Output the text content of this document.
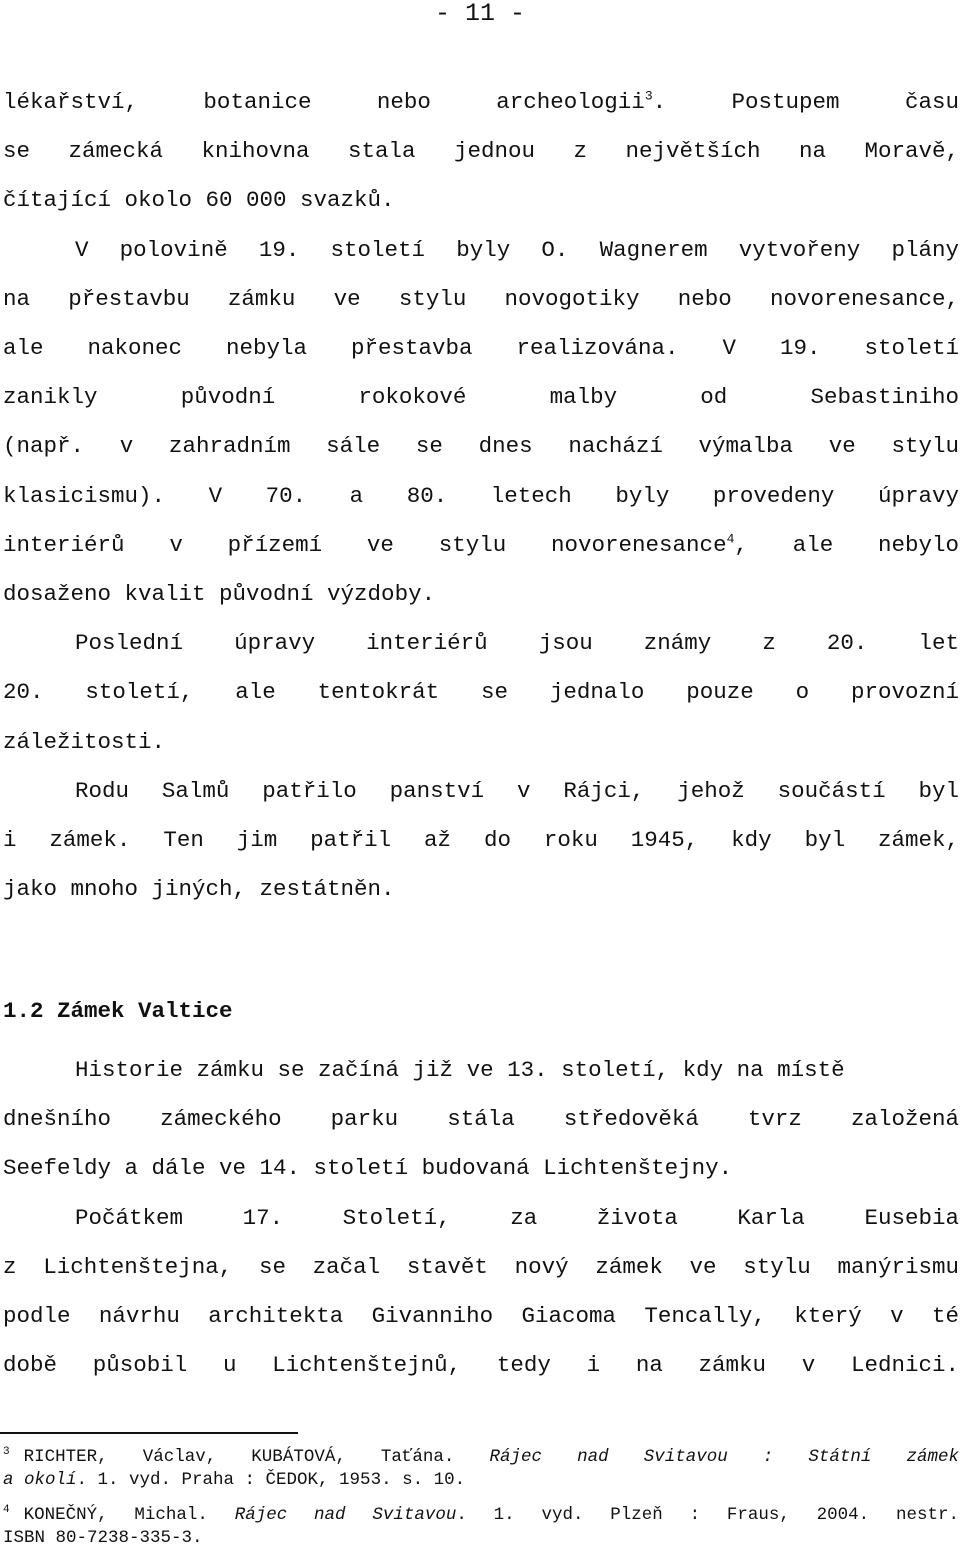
- 11 -
lékařství, botanice nebo archeologii$^3$. Postupem času
se zámecká knihovna stala jednou z největších na Moravě,
čítající okolo 60 000 svazků.
V polovině 19. století byly O. Wagnerem vytvořeny plány
na přestavbu zámku ve stylu novogotiky nebo novorenesance,
ale nakonec nebyla přestavba realizována. V 19. století
zanikly původní rokokové malby od Sebastiniho
(např. v zahradním sále se dnes nachází výmalba ve stylu
klasicismu). V 70. a 80. letech byly provedeny úpravy
interiérů v přízemí ve stylu novorenesance$^4$, ale nebylo
dosaženo kvalit původní výzdoby.
Poslední úpravy interiérů jsou známy z 20. let
20. století, ale tentokrát se jednalo pouze o provozní
záležitosti.
Rodu Salmů patřilo panství v Rájci, jehož součástí byl
i zámek. Ten jim patřil až do roku 1945, kdy byl zámek,
jako mnoho jiných, zestátněn.
1.2 Zámek Valtice
Historie zámku se začíná již ve 13. století, kdy na místě
dnešního zámeckého parku stála středověká tvrz založená
Seefeldy a dále ve 14. století budovaná Lichtenštejny.
Počátkem 17. Století, za života Karla Eusebia
z Lichtenštejna, se začal stavět nový zámek ve stylu manýrismu
podle návrhu architekta Givanniho Giacoma Tencally, který v té
době působil u Lichtenštejnů, tedy i na zámku v Lednici.
$^3$ RICHTER, Václav, KUBÁTOVÁ, Taťána. Rájec nad Svitavou : Státní zámek
a okolí. 1. vyd. Praha : ČEDOK, 1953. s. 10.
$^4$ KONEČNÝ, Michal. Rájec nad Svitavou. 1. vyd. Plzeň : Fraus, 2004. nestr.
ISBN 80-7238-335-3.
